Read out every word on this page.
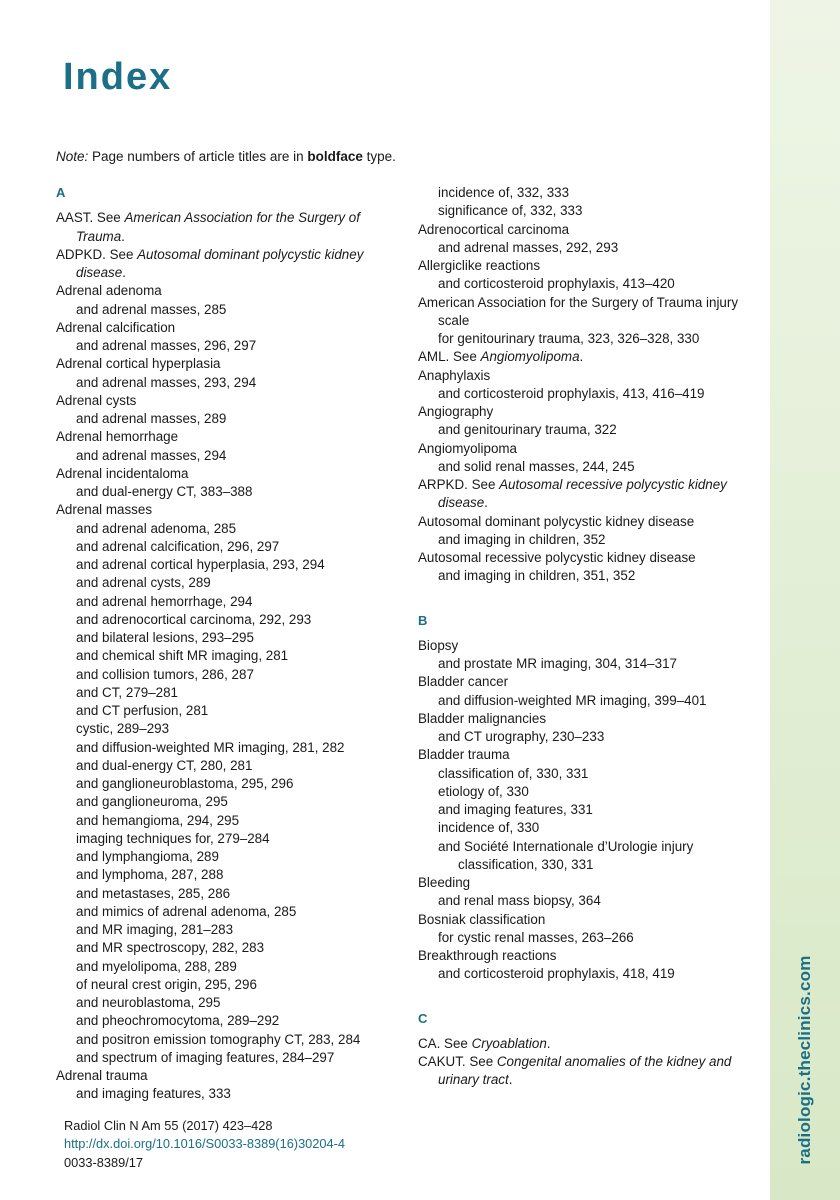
radiologic.theclinics.com
Index
Note: Page numbers of article titles are in boldface type.
A
AAST. See American Association for the Surgery of Trauma.
ADPKD. See Autosomal dominant polycystic kidney disease.
Adrenal adenoma
and adrenal masses, 285
Adrenal calcification
and adrenal masses, 296, 297
Adrenal cortical hyperplasia
and adrenal masses, 293, 294
Adrenal cysts
and adrenal masses, 289
Adrenal hemorrhage
and adrenal masses, 294
Adrenal incidentaloma
and dual-energy CT, 383–388
Adrenal masses
and adrenal adenoma, 285
and adrenal calcification, 296, 297
and adrenal cortical hyperplasia, 293, 294
and adrenal cysts, 289
and adrenal hemorrhage, 294
and adrenocortical carcinoma, 292, 293
and bilateral lesions, 293–295
and chemical shift MR imaging, 281
and collision tumors, 286, 287
and CT, 279–281
and CT perfusion, 281
cystic, 289–293
and diffusion-weighted MR imaging, 281, 282
and dual-energy CT, 280, 281
and ganglioneuroblastoma, 295, 296
and ganglioneuroma, 295
and hemangioma, 294, 295
imaging techniques for, 279–284
and lymphangioma, 289
and lymphoma, 287, 288
and metastases, 285, 286
and mimics of adrenal adenoma, 285
and MR imaging, 281–283
and MR spectroscopy, 282, 283
and myelolipoma, 288, 289
of neural crest origin, 295, 296
and neuroblastoma, 295
and pheochromocytoma, 289–292
and positron emission tomography CT, 283, 284
and spectrum of imaging features, 284–297
Adrenal trauma
and imaging features, 333
incidence of, 332, 333
significance of, 332, 333
Adrenocortical carcinoma
and adrenal masses, 292, 293
Allergiclike reactions
and corticosteroid prophylaxis, 413–420
American Association for the Surgery of Trauma injury scale
for genitourinary trauma, 323, 326–328, 330
AML. See Angiomyolipoma.
Anaphylaxis
and corticosteroid prophylaxis, 413, 416–419
Angiography
and genitourinary trauma, 322
Angiomyolipoma
and solid renal masses, 244, 245
ARPKD. See Autosomal recessive polycystic kidney disease.
Autosomal dominant polycystic kidney disease
and imaging in children, 352
Autosomal recessive polycystic kidney disease
and imaging in children, 351, 352
B
Biopsy
and prostate MR imaging, 304, 314–317
Bladder cancer
and diffusion-weighted MR imaging, 399–401
Bladder malignancies
and CT urography, 230–233
Bladder trauma
classification of, 330, 331
etiology of, 330
and imaging features, 331
incidence of, 330
and Société Internationale d’Urologie injury classification, 330, 331
Bleeding
and renal mass biopsy, 364
Bosniak classification
for cystic renal masses, 263–266
Breakthrough reactions
and corticosteroid prophylaxis, 418, 419
C
CA. See Cryoablation.
CAKUT. See Congenital anomalies of the kidney and urinary tract.
Radiol Clin N Am 55 (2017) 423–428
http://dx.doi.org/10.1016/S0033-8389(16)30204-4
0033-8389/17
